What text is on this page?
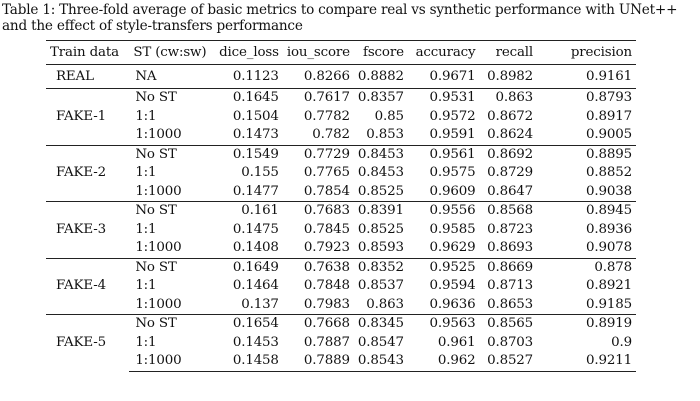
Table 1: Three-fold average of basic metrics to compare real vs synthetic performance with UNet++ and the effect of style-transfers performance
Train data	ST (cw:sw)	dice_loss	iou_score	fscore	accuracy	recall	precision
REAL	NA	0.1123	0.8266	0.8882	0.9671	0.8982	0.9161
FAKE-1	No ST	0.1645	0.7617	0.8357	0.9531	0.863	0.8793
	1:1	0.1504	0.7782	0.85	0.9572	0.8672	0.8917
	1:1000	0.1473	0.782	0.853	0.9591	0.8624	0.9005
FAKE-2	No ST	0.1549	0.7729	0.8453	0.9561	0.8692	0.8895
	1:1	0.155	0.7765	0.8453	0.9575	0.8729	0.8852
	1:1000	0.1477	0.7854	0.8525	0.9609	0.8647	0.9038
FAKE-3	No ST	0.161	0.7683	0.8391	0.9556	0.8568	0.8945
	1:1	0.1475	0.7845	0.8525	0.9585	0.8723	0.8936
	1:1000	0.1408	0.7923	0.8593	0.9629	0.8693	0.9078
FAKE-4	No ST	0.1649	0.7638	0.8352	0.9525	0.8669	0.878
	1:1	0.1464	0.7848	0.8537	0.9594	0.8713	0.8921
	1:1000	0.137	0.7983	0.863	0.9636	0.8653	0.9185
FAKE-5	No ST	0.1654	0.7668	0.8345	0.9563	0.8565	0.8919
	1:1	0.1453	0.7887	0.8547	0.961	0.8703	0.9
	1:1000	0.1458	0.7889	0.8543	0.962	0.8527	0.9211
